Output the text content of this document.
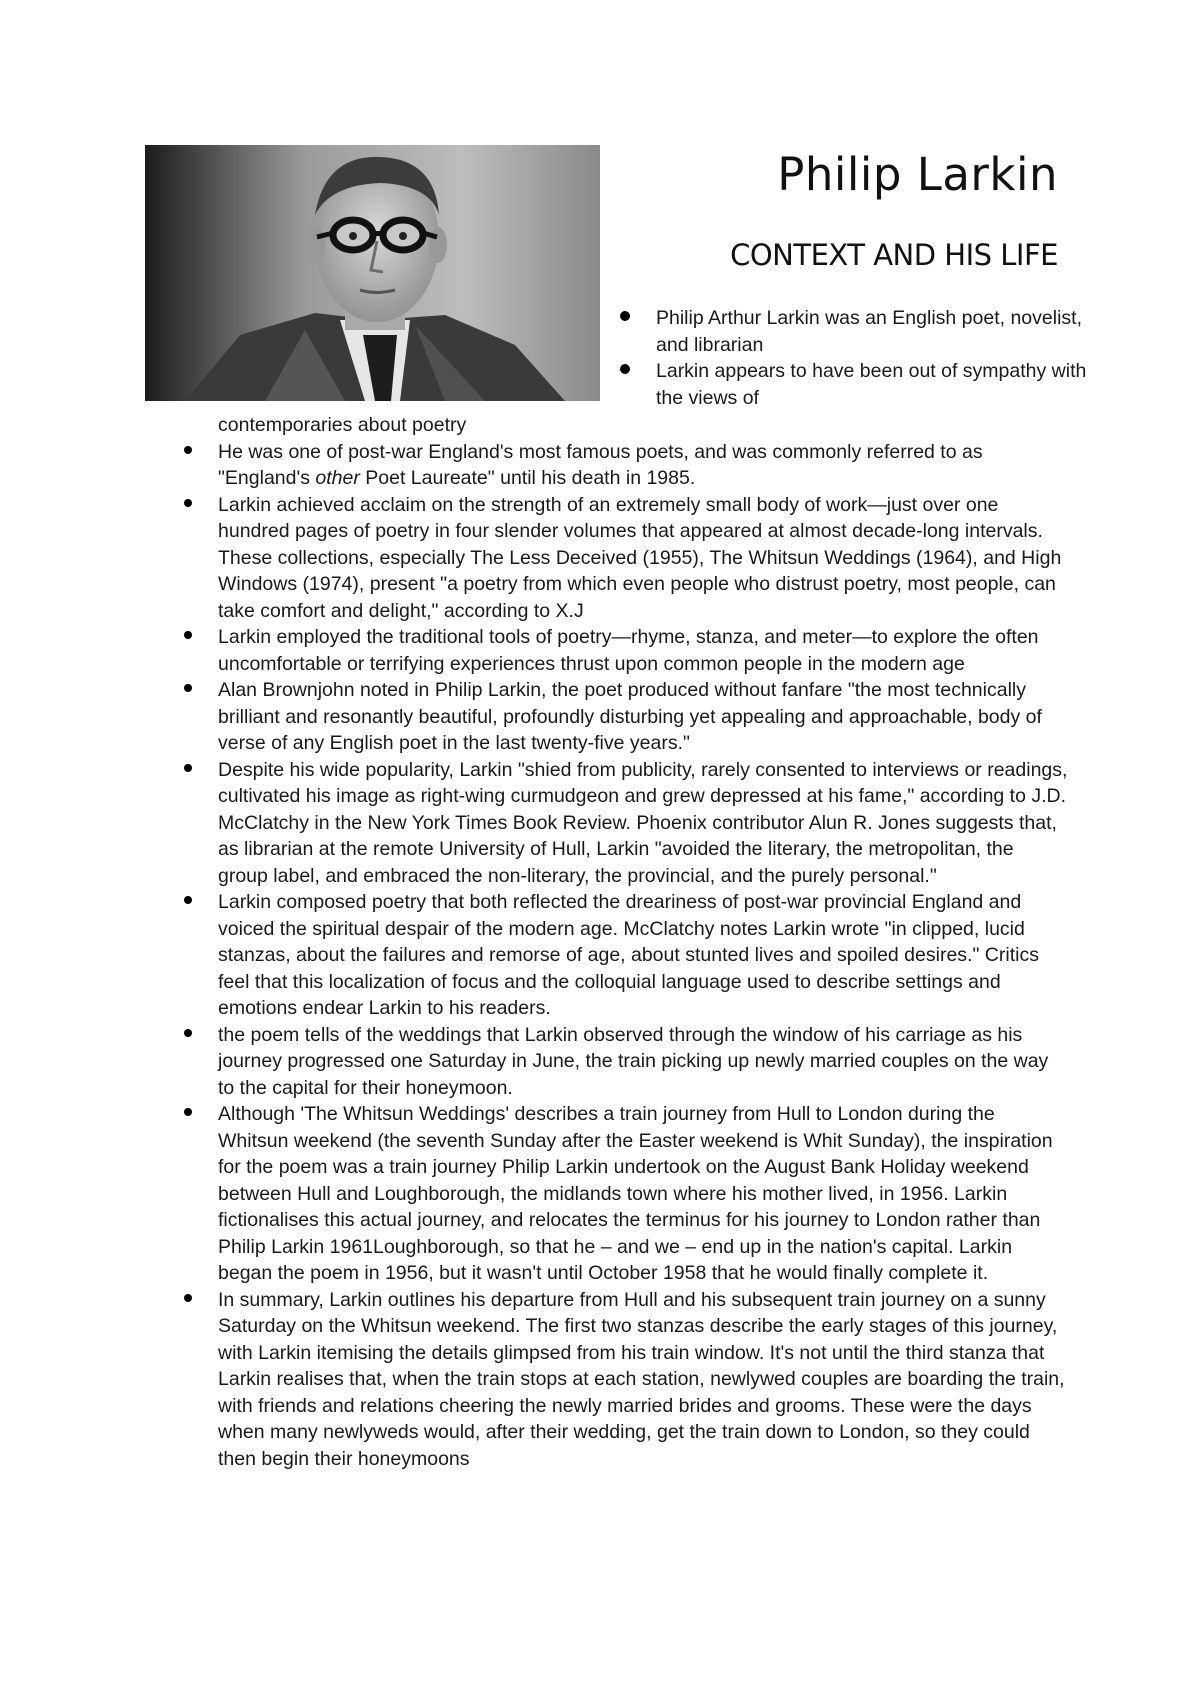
Philip Larkin
CONTEXT AND HIS LIFE
Philip Arthur Larkin was an English poet, novelist, and librarian
Larkin appears to have been out of sympathy with the views of
contemporaries about poetry
He was one of post-war England's most famous poets, and was commonly referred to as "England's other Poet Laureate" until his death in 1985.
Larkin achieved acclaim on the strength of an extremely small body of work—just over one hundred pages of poetry in four slender volumes that appeared at almost decade-long intervals. These collections, especially The Less Deceived (1955), The Whitsun Weddings (1964), and High Windows (1974), present "a poetry from which even people who distrust poetry, most people, can take comfort and delight," according to X.J
Larkin employed the traditional tools of poetry—rhyme, stanza, and meter—to explore the often uncomfortable or terrifying experiences thrust upon common people in the modern age
Alan Brownjohn noted in Philip Larkin, the poet produced without fanfare "the most technically brilliant and resonantly beautiful, profoundly disturbing yet appealing and approachable, body of verse of any English poet in the last twenty-five years."
Despite his wide popularity, Larkin "shied from publicity, rarely consented to interviews or readings, cultivated his image as right-wing curmudgeon and grew depressed at his fame," according to J.D. McClatchy in the New York Times Book Review. Phoenix contributor Alun R. Jones suggests that, as librarian at the remote University of Hull, Larkin "avoided the literary, the metropolitan, the group label, and embraced the non-literary, the provincial, and the purely personal."
Larkin composed poetry that both reflected the dreariness of post-war provincial England and voiced the spiritual despair of the modern age. McClatchy notes Larkin wrote "in clipped, lucid stanzas, about the failures and remorse of age, about stunted lives and spoiled desires." Critics feel that this localization of focus and the colloquial language used to describe settings and emotions endear Larkin to his readers.
the poem tells of the weddings that Larkin observed through the window of his carriage as his journey progressed one Saturday in June, the train picking up newly married couples on the way to the capital for their honeymoon.
Although 'The Whitsun Weddings' describes a train journey from Hull to London during the Whitsun weekend (the seventh Sunday after the Easter weekend is Whit Sunday), the inspiration for the poem was a train journey Philip Larkin undertook on the August Bank Holiday weekend between Hull and Loughborough, the midlands town where his mother lived, in 1956. Larkin fictionalises this actual journey, and relocates the terminus for his journey to London rather than Philip Larkin 1961Loughborough, so that he – and we – end up in the nation's capital. Larkin began the poem in 1956, but it wasn't until October 1958 that he would finally complete it.
In summary, Larkin outlines his departure from Hull and his subsequent train journey on a sunny Saturday on the Whitsun weekend. The first two stanzas describe the early stages of this journey, with Larkin itemising the details glimpsed from his train window. It's not until the third stanza that Larkin realises that, when the train stops at each station, newlywed couples are boarding the train, with friends and relations cheering the newly married brides and grooms. These were the days when many newlyweds would, after their wedding, get the train down to London, so they could then begin their honeymoons
